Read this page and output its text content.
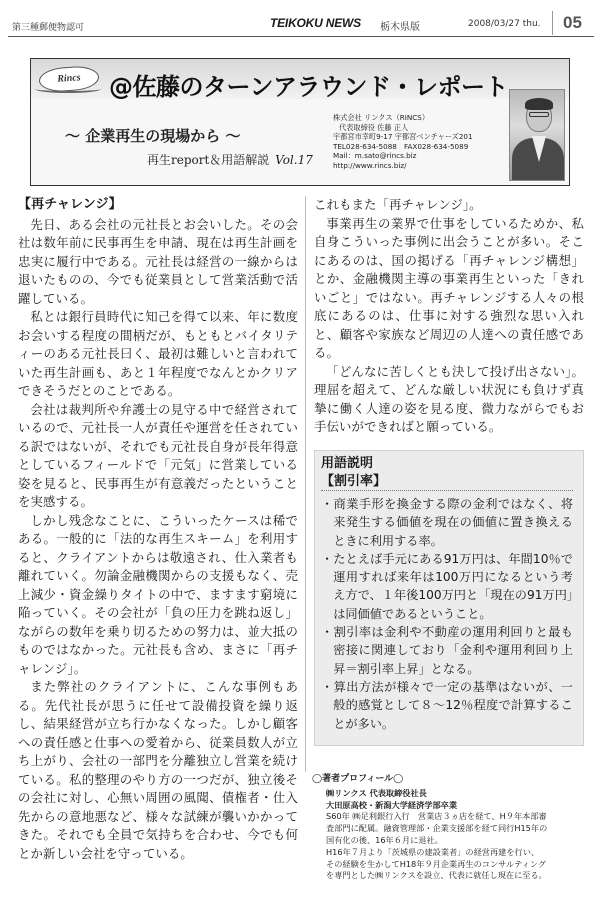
第三種郵便物認可	TEIKOKU NEWS 栃木県版	2008/03/27 thu.	05
Rincs	@佐藤のターンアラウンド・レポート
〜 企業再生の現場から 〜
再生report＆用語解説 Vol.17
株式会社 リンクス（RINCS）
代表取締役 佐藤 正人
宇都宮市幸町9-17 宇都宮ベンチャーズ201
TEL028-634-5088　FAX028-634-5089
Mail：m.sato@rincs.biz
http://www.rincs.biz/
【再チャレンジ】

先日、ある会社の元社長とお会いした。その会社は数年前に民事再生を申請、現在は再生計画を忠実に履行中である。元社長は経営の一線からは退いたものの、今でも従業員として営業活動で活躍している。

私とは銀行員時代に知己を得て以来、年に数度お会いする程度の間柄だが、もともとバイタリティーのある元社長曰く、最初は難しいと言われていた再生計画も、あと１年程度でなんとかクリアできそうだとのことである。

会社は裁判所や弁護士の見守る中で経営されているので、元社長一人が責任や運営を任されている訳ではないが、それでも元社長自身が長年得意としているフィールドで「元気」に営業している姿を見ると、民事再生が有意義だったということを実感する。

しかし残念なことに、こういったケースは稀である。一般的に「法的な再生スキーム」を利用すると、クライアントからは敬遠され、仕入業者も離れていく。勿論金融機関からの支援もなく、売上減少・資金繰りタイトの中で、ますます窮境に陥っていく。その会社が「負の圧力を跳ね返し」ながらの数年を乗り切るための努力は、並大抵のものではなかった。元社長も含め、まさに「再チャレンジ」。

また弊社のクライアントに、こんな事例もある。先代社長が思うに任せて設備投資を繰り返し、結果経営が立ち行かなくなった。しかし顧客への責任感と仕事への愛着から、従業員数人が立ち上がり、会社の一部門を分離独立し営業を続けている。私的整理のやり方の一つだが、独立後その会社に対し、心無い周囲の風聞、債権者・仕入先からの意地悪など、様々な試練が襲いかかってきた。それでも全員で気持ちを合わせ、今でも何とか新しい会社を守っている。

これもまた「再チャレンジ」。

事業再生の業界で仕事をしているためか、私自身こういった事例に出会うことが多い。そこにあるのは、国の掲げる「再チャレンジ構想」とか、金融機関主導の事業再生といった「きれいごと」ではない。再チャレンジする人々の根底にあるのは、仕事に対する強烈な思い入れと、顧客や家族など周辺の人達への責任感である。

「どんなに苦しくとも決して投げ出さない」。理屈を超えて、どんな厳しい状況にも負けず真摯に働く人達の姿を見る度、微力ながらでもお手伝いができればと願っている。

用語説明
【割引率】
・商業手形を換金する際の金利ではなく、将来発生する価値を現在の価値に置き換えるときに利用する率。
・たとえば手元にある91万円は、年間10％で運用すれば来年は100万円になるという考え方で、１年後100万円と「現在の91万円」は同価値であるということ。
・割引率は金利や不動産の運用利回りと最も密接に関連しており「金利や運用利回り上昇＝割引率上昇」となる。
・算出方法が様々で一定の基準はないが、一般的感覚として８〜12％程度で計算することが多い。
◯著者プロフィール◯
㈱リンクス 代表取締役社長
大田原高校・新潟大学経済学部卒業
S60年 ㈱足利銀行入行　営業店３ヵ店を経て、H９年本部審
査部門に配属。融資管理部・企業支援部を経て同行H15年の
国有化の後、16年６月に退社。
H16年７月より「茨城県の建設業者」の経営再建を行い、
その経験を生かしてH18年９月企業再生のコンサルティング
を専門とした㈱リンクスを設立、代表に就任し現在に至る。
